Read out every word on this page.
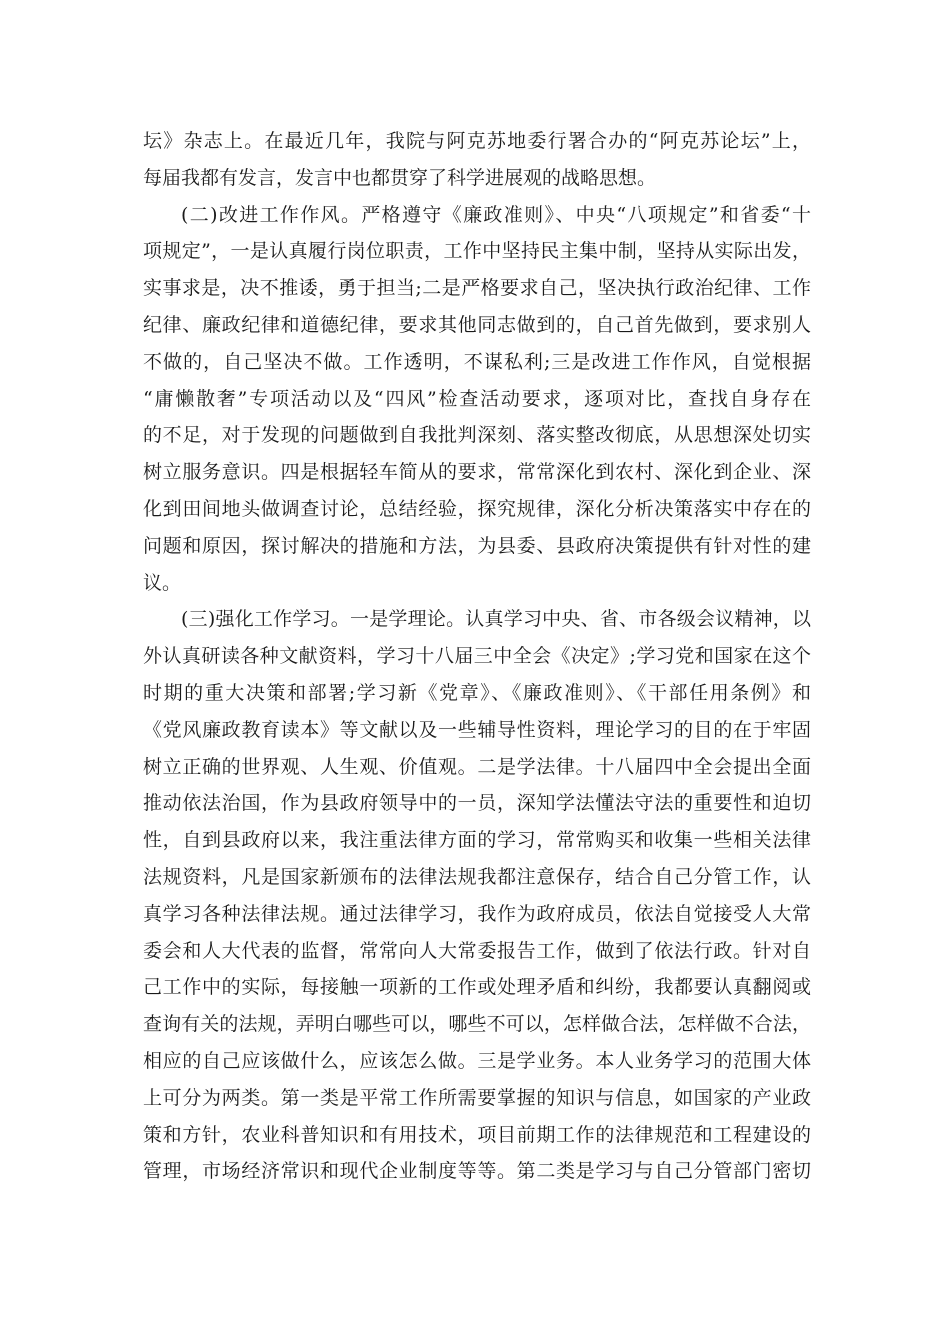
坛》杂志上。在最近几年，我院与阿克苏地委行署合办的“阿克苏论坛”上，
每届我都有发言，发言中也都贯穿了科学进展观的战略思想。
(二)改进工作作风。严格遵守《廉政准则》、中央“八项规定”和省委“十
项规定”，一是认真履行岗位职责，工作中坚持民主集中制，坚持从实际出发，
实事求是，决不推诿，勇于担当;二是严格要求自己，坚决执行政治纪律、工作
纪律、廉政纪律和道德纪律，要求其他同志做到的，自己首先做到，要求别人
不做的，自己坚决不做。工作透明，不谋私利;三是改进工作作风，自觉根据
“庸懒散奢”专项活动以及“四风”检查活动要求，逐项对比，查找自身存在
的不足，对于发现的问题做到自我批判深刻、落实整改彻底，从思想深处切实
树立服务意识。四是根据轻车简从的要求，常常深化到农村、深化到企业、深
化到田间地头做调查讨论，总结经验，探究规律，深化分析决策落实中存在的
问题和原因，探讨解决的措施和方法，为县委、县政府决策提供有针对性的建
议。
(三)强化工作学习。一是学理论。认真学习中央、省、市各级会议精神，以
外认真研读各种文献资料，学习十八届三中全会《决定》;学习党和国家在这个
时期的重大决策和部署;学习新《党章》、《廉政准则》、《干部任用条例》和
《党风廉政教育读本》等文献以及一些辅导性资料，理论学习的目的在于牢固
树立正确的世界观、人生观、价值观。二是学法律。十八届四中全会提出全面
推动依法治国，作为县政府领导中的一员，深知学法懂法守法的重要性和迫切
性，自到县政府以来，我注重法律方面的学习，常常购买和收集一些相关法律
法规资料，凡是国家新颁布的法律法规我都注意保存，结合自己分管工作，认
真学习各种法律法规。通过法律学习，我作为政府成员，依法自觉接受人大常
委会和人大代表的监督，常常向人大常委报告工作，做到了依法行政。针对自
己工作中的实际，每接触一项新的工作或处理矛盾和纠纷，我都要认真翻阅或
查询有关的法规，弄明白哪些可以，哪些不可以，怎样做合法，怎样做不合法，
相应的自己应该做什么，应该怎么做。三是学业务。本人业务学习的范围大体
上可分为两类。第一类是平常工作所需要掌握的知识与信息，如国家的产业政
策和方针，农业科普知识和有用技术，项目前期工作的法律规范和工程建设的
管理，市场经济常识和现代企业制度等等。第二类是学习与自己分管部门密切
